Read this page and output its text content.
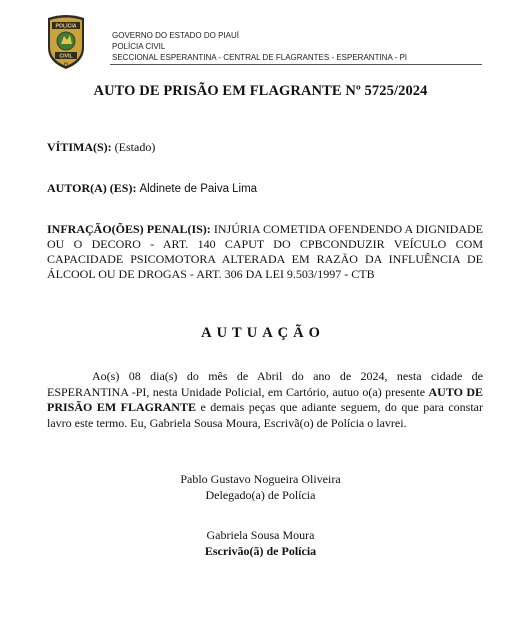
POLÍCIA
CIVIL
PI
GOVERNO DO ESTADO DO PIAUÍ
POLÍCIA CIVIL
SECCIONAL ESPERANTINA - CENTRAL DE FLAGRANTES - ESPERANTINA - PI
AUTO DE PRISÃO EM FLAGRANTE Nº 5725/2024
VÍTIMA(S): (Estado)
AUTOR(A) (ES): Aldinete de Paiva Lima
INFRAÇÃO(ÕES) PENAL(IS): INJÚRIA COMETIDA OFENDENDO A DIGNIDADE OU O DECORO - ART. 140 CAPUT DO CPBCONDUZIR VEÍCULO COM CAPACIDADE PSICOMOTORA ALTERADA EM RAZÃO DA INFLUÊNCIA DE ÁLCOOL OU DE DROGAS - ART. 306 DA LEI 9.503/1997 - CTB
AUTUAÇÃO
Ao(s) 08 dia(s) do mês de Abril do ano de 2024, nesta cidade de ESPERANTINA -PI, nesta Unidade Policial, em Cartório, autuo o(a) presente AUTO DE PRISÃO EM FLAGRANTE e demais peças que adiante seguem, do que para constar lavro este termo. Eu, Gabriela Sousa Moura, Escrivã(o) de Polícia o lavrei.
Pablo Gustavo Nogueira Oliveira
Delegado(a) de Polícia
Gabriela Sousa Moura
Escrivão(ã) de Polícia
